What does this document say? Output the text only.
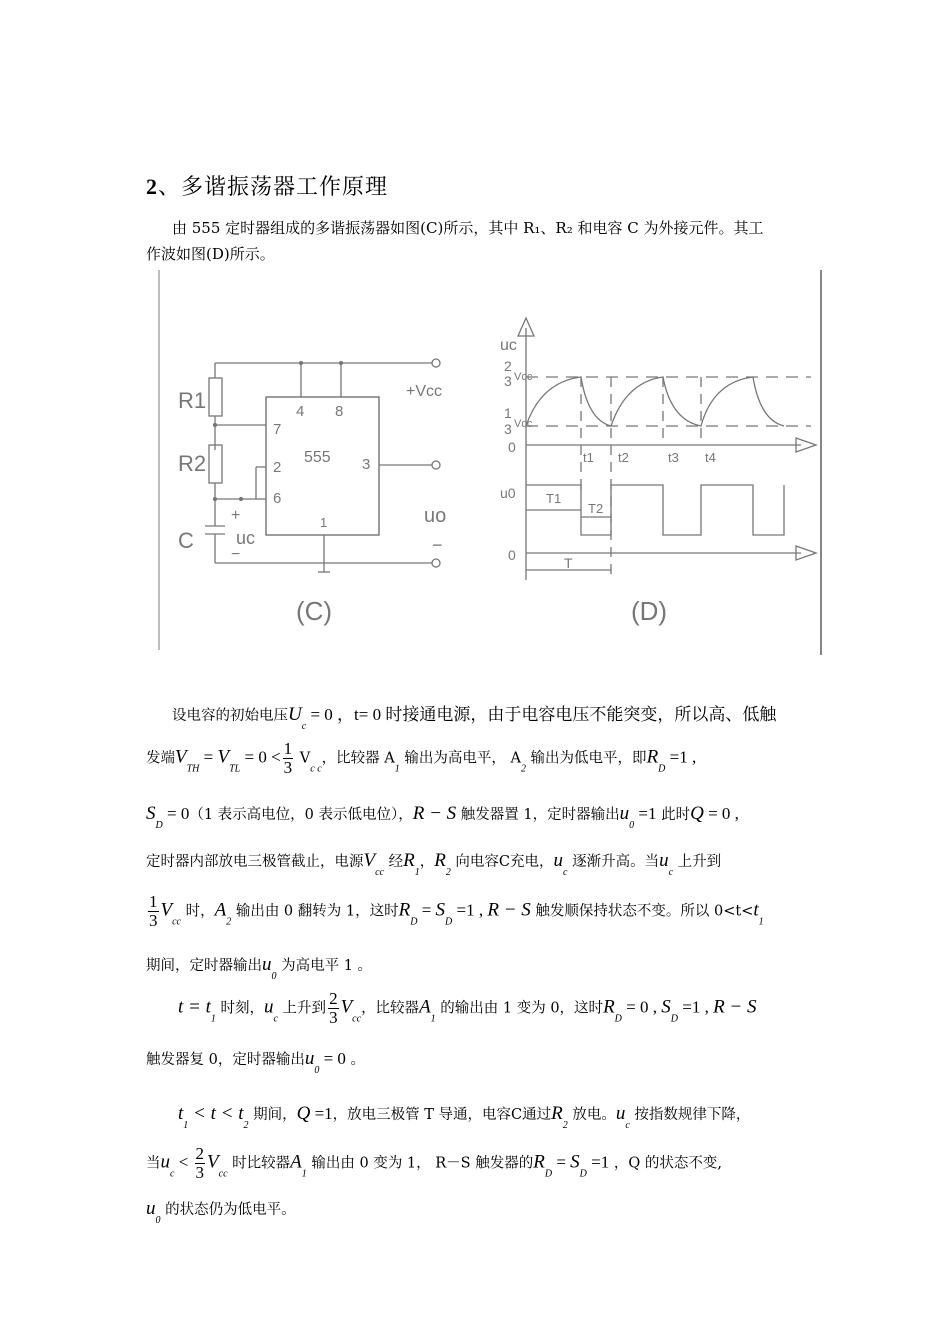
2、多谐振荡器工作原理
由 555 定时器组成的多谐振荡器如图(C)所示，其中 R₁、R₂ 和电容 C 为外接元件。其工
作波如图(D)所示。
R1
R2
C
+Vcc
+
uc
−
uo
−
555
4 8
7
2
6
3
1
(C)
uc
2
3 Vcc
1
3 Vcc
0
t1 t2	t3 t4
u0 T1
T2
0	T
(D)
设电容的初始电压$U_c = 0$ ，t= 0 时接通电源，由于电容电压不能突变，所以高、低触
发端$V_{TH} = V_{TL} = 0 < \frac{1}{3} V_{c c}$，比较器 $A_1$ 输出为高电平， $A_2$ 输出为低电平，即$R_D =1$ ,
$S_D = 0(1$ 表示高电位，0 表示低电位），R − S 触发器置 1，定时器输出$u_0 =1$ 此时Q = 0 ,
定时器内部放电三极管截止，电源$V_{cc}$ 经$R_1$，$R_2$ 向电容C充电，$u_c$ 逐渐升高。当$u_c$ 上升到
$\frac{1}{3} V_{cc}$ 时，$A_2$ 输出由 0 翻转为 1，这时$R_D = S_D =1$ , R − S 触发顺保持状态不变。所以 $0<t<t_1$
期间，定时器输出$u_0$ 为高电平 1 。
$t = t_1$ 时刻，$u_c$ 上升到 $\frac{2}{3} V_{cc}$，比较器$A_1$ 的输出由 1 变为 0，这时$R_D = 0$ , $S_D =1$ , R − S
触发器复 0，定时器输出$u_0 = 0$ 。
$t_1 < t < t_2$ 期间，Q =1，放电三极管 T 导通，电容C通过$R_2$ 放电。$u_c$ 按指数规律下降，
当$u_c < \frac{2}{3} V_{cc}$ 时比较器$A_1$ 输出由 0 变为 1， R－S 触发器的$R_D = S_D =1$ ，Q 的状态不变,
$u_0$ 的状态仍为低电平。
